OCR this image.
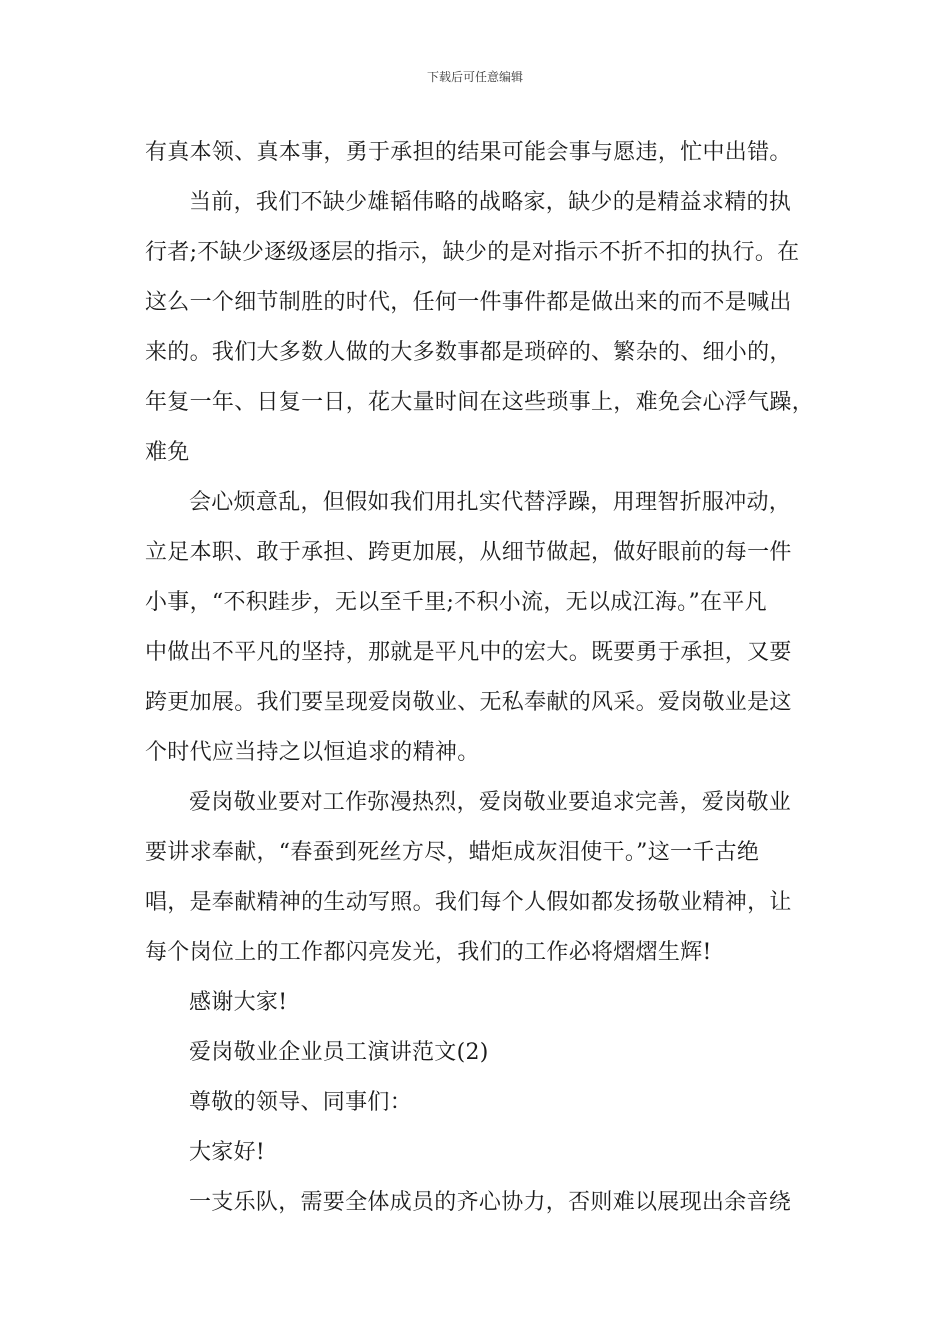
下载后可任意编辑
有真本领、真本事，勇于承担的结果可能会事与愿违，忙中出错。
当前，我们不缺少雄韬伟略的战略家，缺少的是精益求精的执
行者;不缺少逐级逐层的指示，缺少的是对指示不折不扣的执行。在
这么一个细节制胜的时代，任何一件事件都是做出来的而不是喊出
来的。我们大多数人做的大多数事都是琐碎的、繁杂的、细小的，
年复一年、日复一日，花大量时间在这些琐事上，难免会心浮气躁，
难免
会心烦意乱，但假如我们用扎实代替浮躁，用理智折服冲动，
立足本职、敢于承担、跨更加展，从细节做起，做好眼前的每一件
小事，“不积跬步，无以至千里;不积小流，无以成江海。”在平凡
中做出不平凡的坚持，那就是平凡中的宏大。既要勇于承担，又要
跨更加展。我们要呈现爱岗敬业、无私奉献的风采。爱岗敬业是这
个时代应当持之以恒追求的精神。
爱岗敬业要对工作弥漫热烈，爱岗敬业要追求完善，爱岗敬业
要讲求奉献，“春蚕到死丝方尽，蜡炬成灰泪使干。”这一千古绝
唱，是奉献精神的生动写照。我们每个人假如都发扬敬业精神，让
每个岗位上的工作都闪亮发光，我们的工作必将熠熠生辉!
感谢大家!
爱岗敬业企业员工演讲范文(2)
尊敬的领导、同事们：
大家好!
一支乐队，需要全体成员的齐心协力，否则难以展现出余音绕
